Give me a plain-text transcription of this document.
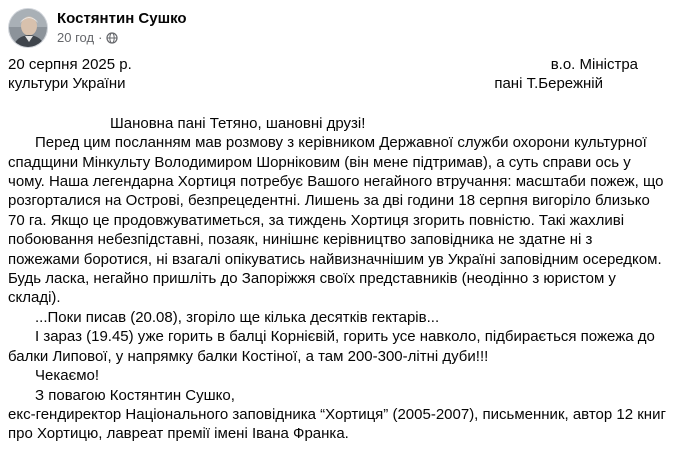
Костянтин Сушко
20 год ·
20 серпня 2025 р.	в.о. Міністра
культури України	пані Т.Бережній
Шановна пані Тетяно, шановні друзі!

Перед цим посланням мав розмову з керівником Державної служби охорони культурної спадщини Мінкульту Володимиром Шорніковим (він мене підтримав), а суть справи ось у чому. Наша легендарна Хортиця потребує Вашого негайного втручання: масштаби пожеж, що розгорталися на Острові, безпрецедентні. Лишень за дві години 18 серпня вигоріло близько 70 га. Якщо це продовжуватиметься, за тиждень Хортиця згорить повністю. Такі жахливі побоювання небезпідставні, позаяк, нинішнє керівництво заповідника не здатне ні з пожежами боротися, ні взагалі опікуватись найвизначнішим ув Україні заповідним осередком. Будь ласка, негайно пришліть до Запоріжжя своїх представників (неодінно з юристом у складі).

...Поки писав (20.08), згоріло ще кілька десятків гектарів...

І зараз (19.45) уже горить в балці Корнієвій, горить усе навколо, підбирається пожежа до балки Липової, у напрямку балки Костіної, а там 200-300-літні дуби!!!

Чекаємо!

З повагою Костянтин Сушко,

екс-гендиректор Національного заповідника “Хортиця” (2005-2007), письменник, автор 12 книг про Хортицю, лавреат премії імені Івана Франка.
